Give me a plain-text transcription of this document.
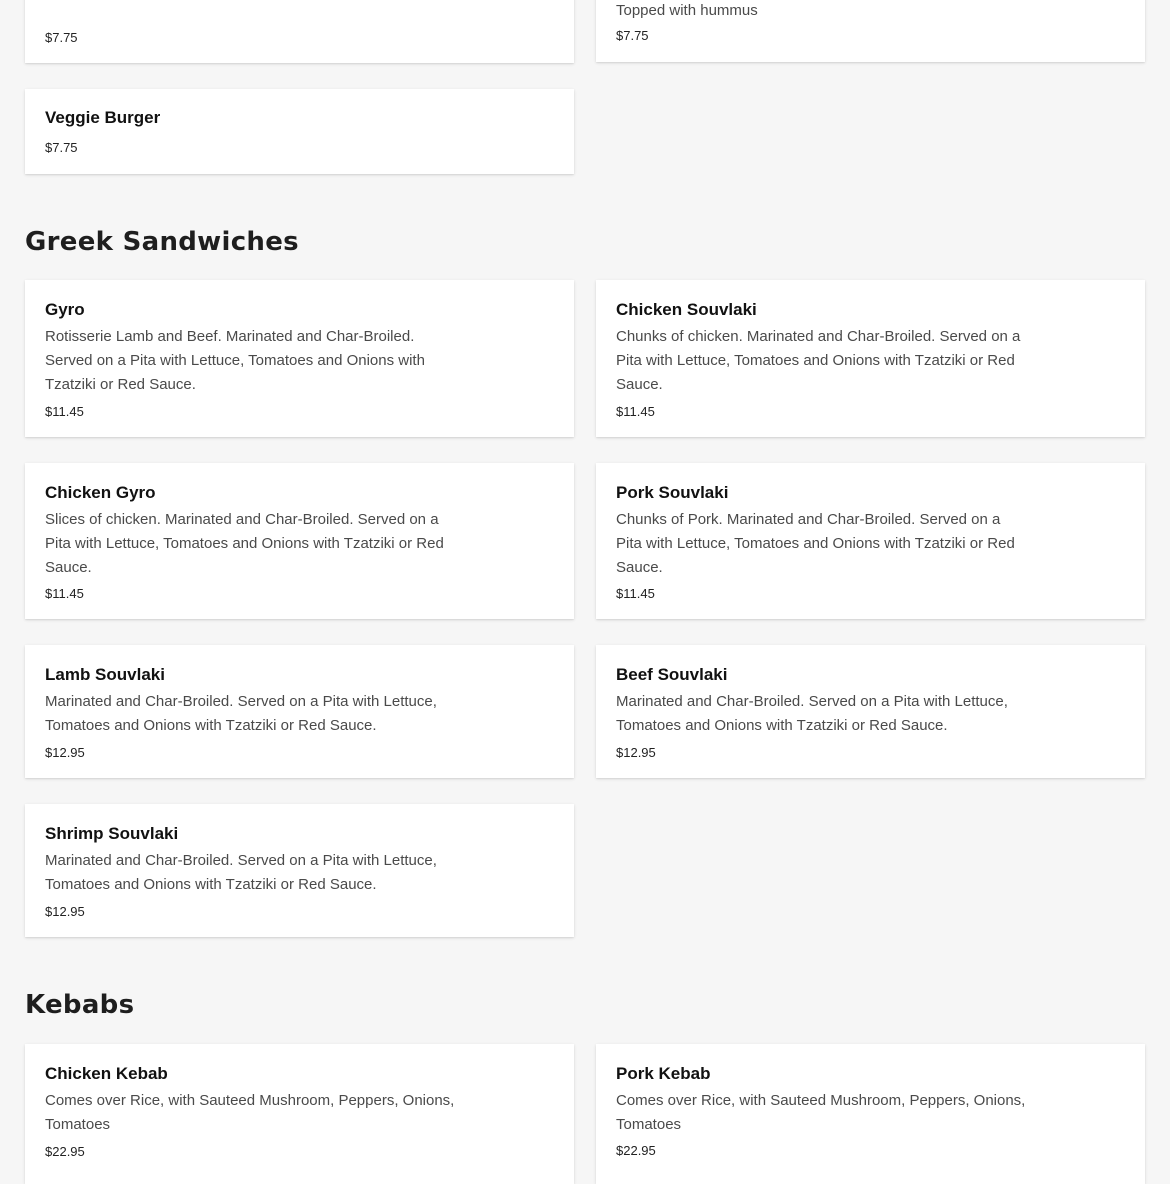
$7.75
Topped with hummus
$7.75
Veggie Burger
$7.75
Greek Sandwiches
Gyro
Rotisserie Lamb and Beef. Marinated and Char-Broiled. Served on a Pita with Lettuce, Tomatoes and Onions with Tzatziki or Red Sauce.
$11.45
Chicken Souvlaki
Chunks of chicken. Marinated and Char-Broiled. Served on a Pita with Lettuce, Tomatoes and Onions with Tzatziki or Red Sauce.
$11.45
Chicken Gyro
Slices of chicken. Marinated and Char-Broiled. Served on a Pita with Lettuce, Tomatoes and Onions with Tzatziki or Red Sauce.
$11.45
Pork Souvlaki
Chunks of Pork. Marinated and Char-Broiled. Served on a Pita with Lettuce, Tomatoes and Onions with Tzatziki or Red Sauce.
$11.45
Lamb Souvlaki
Marinated and Char-Broiled. Served on a Pita with Lettuce, Tomatoes and Onions with Tzatziki or Red Sauce.
$12.95
Beef Souvlaki
Marinated and Char-Broiled. Served on a Pita with Lettuce, Tomatoes and Onions with Tzatziki or Red Sauce.
$12.95
Shrimp Souvlaki
Marinated and Char-Broiled. Served on a Pita with Lettuce, Tomatoes and Onions with Tzatziki or Red Sauce.
$12.95
Kebabs
Chicken Kebab
Comes over Rice, with Sauteed Mushroom, Peppers, Onions, Tomatoes
$22.95
Pork Kebab
Comes over Rice, with Sauteed Mushroom, Peppers, Onions, Tomatoes
$22.95
